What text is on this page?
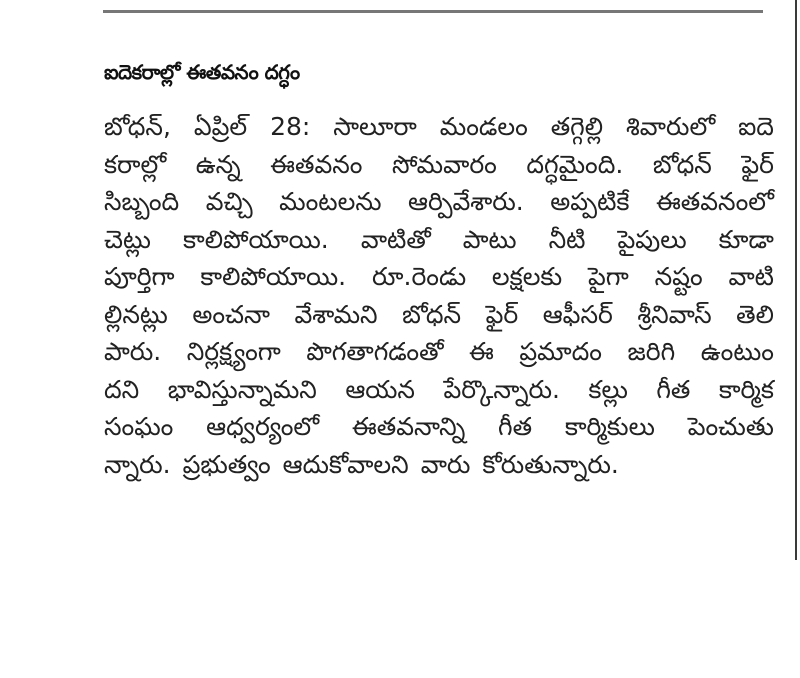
ఐదెకరాల్లో ఈతవనం దగ్ధం
బోధన్, ఏప్రిల్ 28: సాలూరా మండలం తగ్గెల్లి శివారులో ఐదె
కరాల్లో ఉన్న ఈతవనం సోమవారం దగ్ధమైంది. బోధన్ ఫైర్
సిబ్బంది వచ్చి మంటలను ఆర్పివేశారు. అప్పటికే ఈతవనంలో
చెట్లు కాలిపోయాయి. వాటితో పాటు నీటి పైపులు కూడా
పూర్తిగా కాలిపోయాయి. రూ.రెండు లక్షలకు పైగా నష్టం వాటి
ల్లినట్లు అంచనా వేశామని బోధన్ ఫైర్ ఆఫీసర్ శ్రీనివాస్ తెలి
పారు. నిర్లక్ష్యంగా పొగతాగడంతో ఈ ప్రమాదం జరిగి ఉంటుం
దని భావిస్తున్నామని ఆయన పేర్కొన్నారు. కల్లు గీత కార్మిక
సంఘం ఆధ్వర్యంలో ఈతవనాన్ని గీత కార్మికులు పెంచుతు
న్నారు. ప్రభుత్వం ఆదుకోవాలని వారు కోరుతున్నారు.
